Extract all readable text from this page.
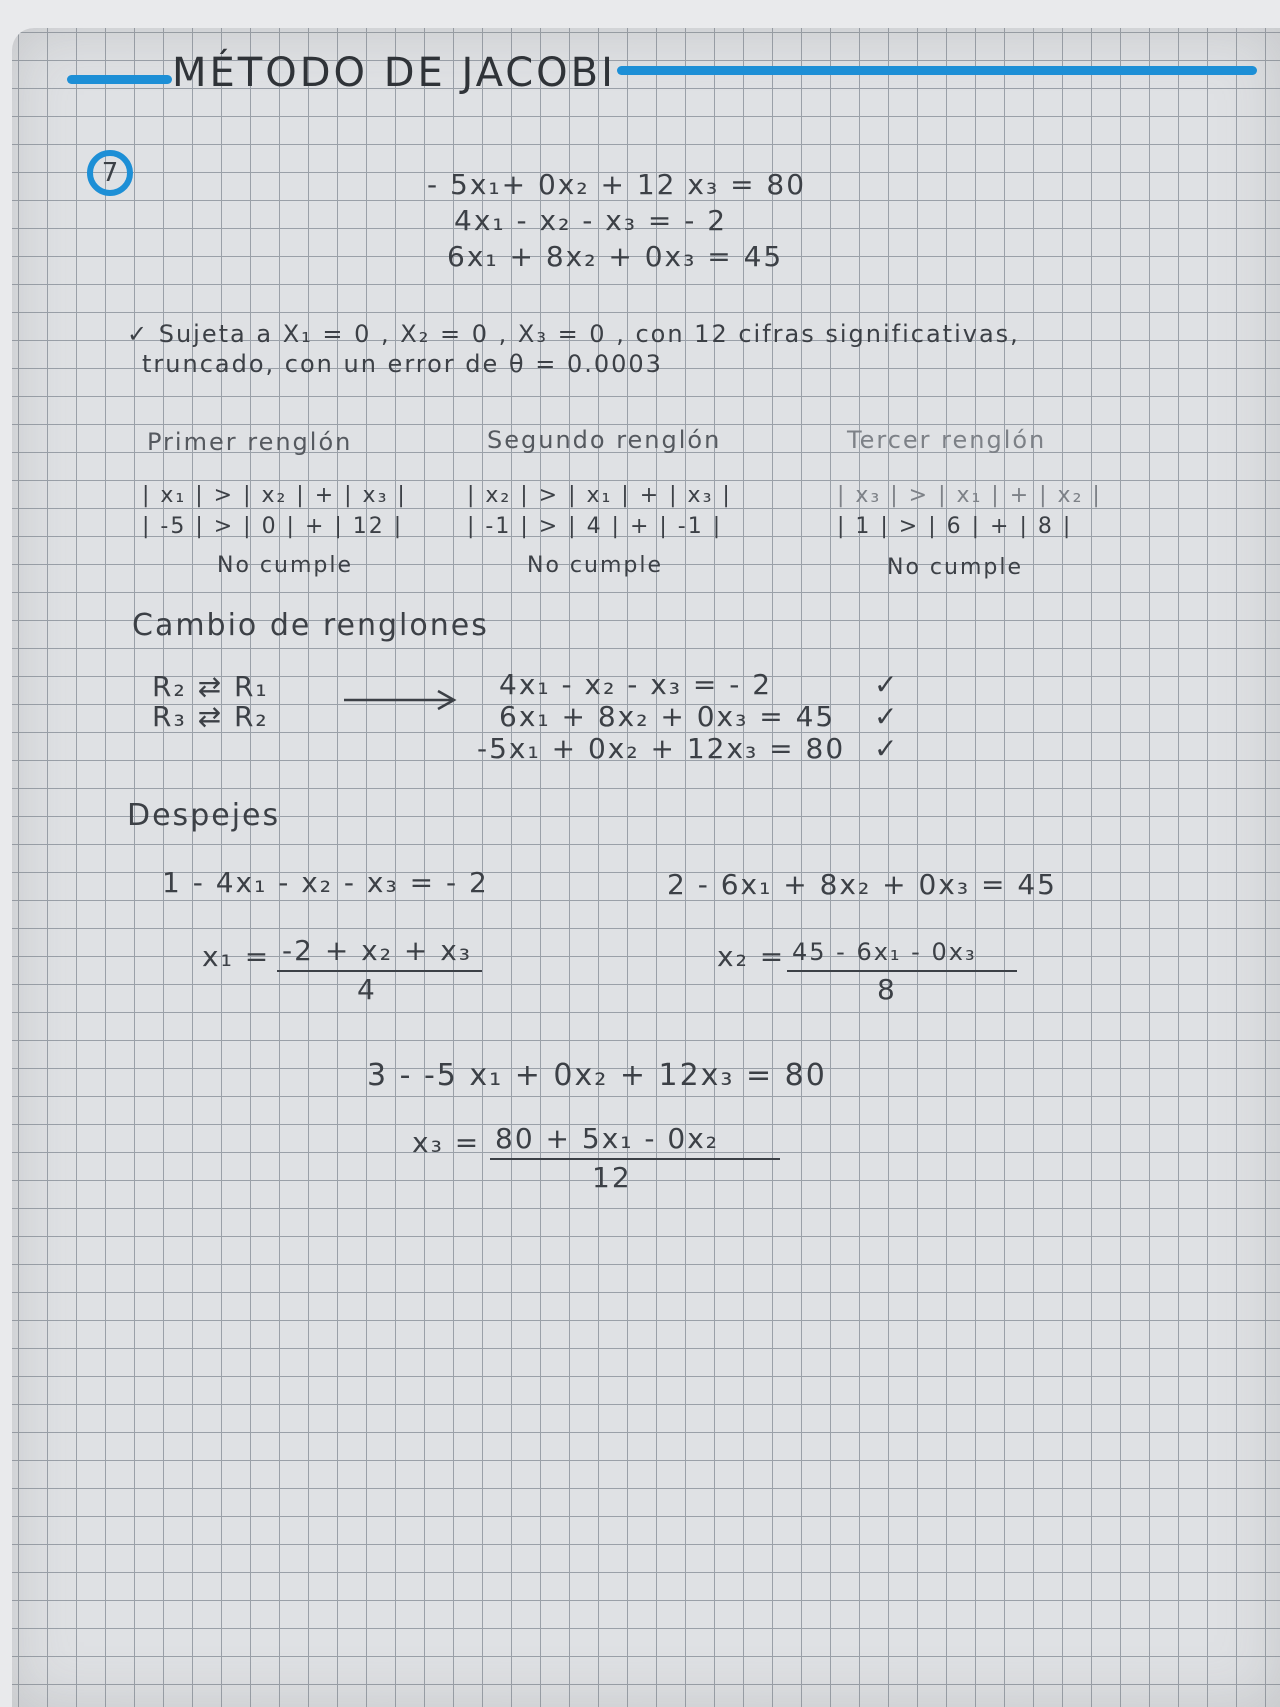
MÉTODO DE JACOBI
7	- 5x₁+ 0x₂ + 12 x₃ = 80
4x₁ - x₂ - x₃ = - 2
6x₁ + 8x₂ + 0x₃ = 45
✓ Sujeta a X₁ = 0 , X₂ = 0 , X₃ = 0 , con 12 cifras significativas,
truncado, con un error de θ = 0.0003
Primer renglón
| x₁ | > | x₂ | + | x₃ |
| -5 | > | 0 | + | 12 |
No cumple
Segundo renglón
| x₂ | > | x₁ | + | x₃ |
| -1 | > | 4 | + | -1 |
No cumple
Tercer renglón
| x₃ | > | x₁ | + | x₂ |
| 1 | > | 6 | + | 8 |
No cumple
Cambio de renglones
R₂ ⇄ R₁
R₃ ⇄ R₂
4x₁ - x₂ - x₃ = - 2
6x₁ + 8x₂ + 0x₃ = 45
-5x₁ + 0x₂ + 12x₃ = 80
✓
✓
✓
Despejes
1 - 4x₁ - x₂ - x₃ = - 2
x₁ = -2 + x₂ + x₃
4
2 - 6x₁ + 8x₂ + 0x₃ = 45
x₂ = 45 - 6x₁ - 0x₃
8
3 - -5 x₁ + 0x₂ + 12x₃ = 80
x₃ = 80 + 5x₁ - 0x₂
12
